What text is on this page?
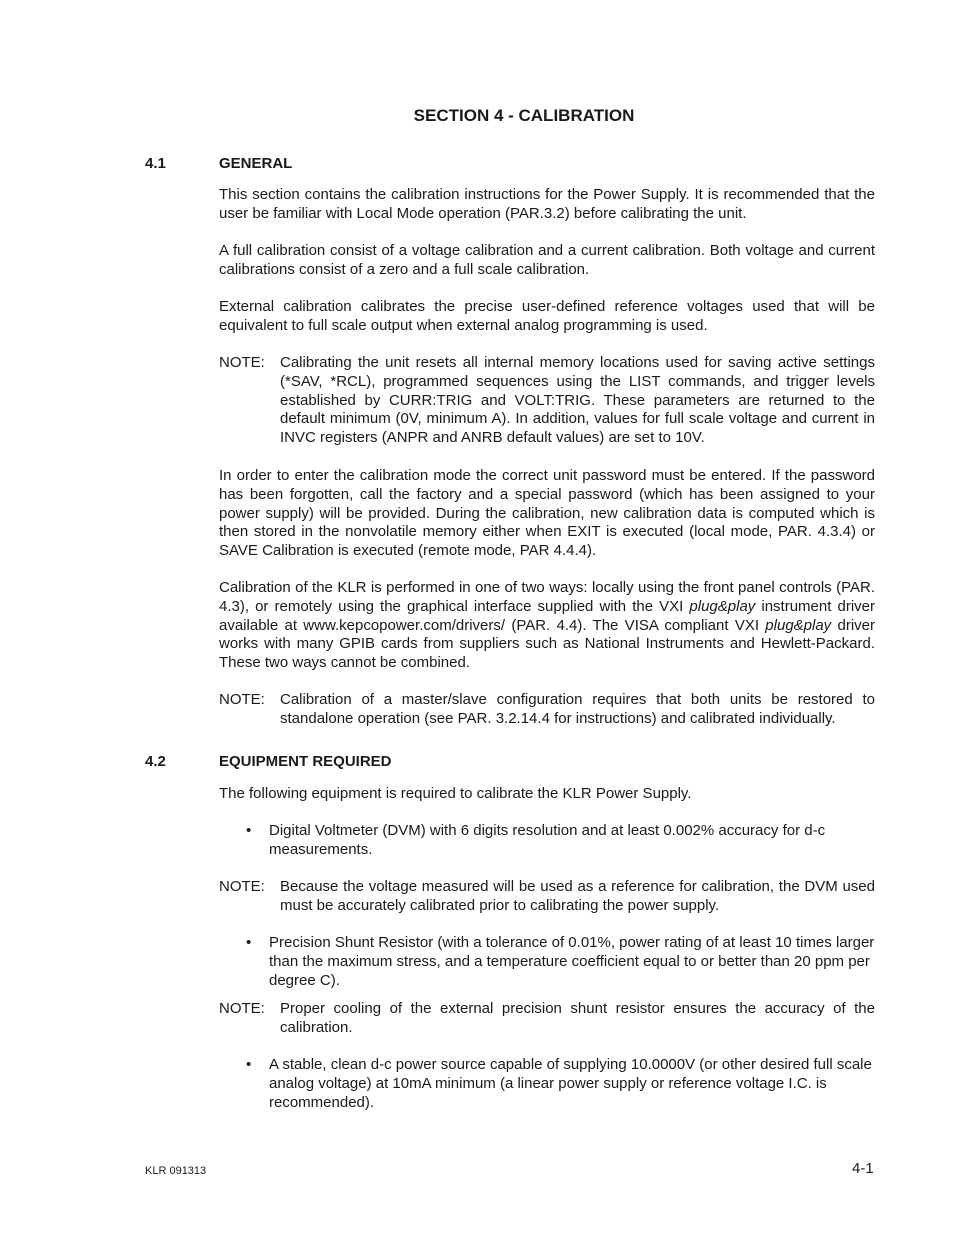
SECTION 4 - CALIBRATION
4.1	GENERAL

This section contains the calibration instructions for the Power Supply. It is recommended that the user be familiar with Local Mode operation (PAR.3.2) before calibrating the unit.

A full calibration consist of a voltage calibration and a current calibration. Both voltage and current calibrations consist of a zero and a full scale calibration.

External calibration calibrates the precise user-defined reference voltages used that will be equivalent to full scale output when external analog programming is used.

NOTE: Calibrating the unit resets all internal memory locations used for saving active settings (*SAV, *RCL), programmed sequences using the LIST commands, and trigger levels established by CURR:TRIG and VOLT:TRIG. These parameters are returned to the default minimum (0V, minimum A). In addition, values for full scale voltage and current in INVC registers (ANPR and ANRB default values) are set to 10V.

In order to enter the calibration mode the correct unit password must be entered. If the password has been forgotten, call the factory and a special password (which has been assigned to your power supply) will be provided. During the calibration, new calibration data is computed which is then stored in the nonvolatile memory either when EXIT is executed (local mode, PAR. 4.3.4) or SAVE Calibration is executed (remote mode, PAR 4.4.4).

Calibration of the KLR is performed in one of two ways: locally using the front panel controls (PAR. 4.3), or remotely using the graphical interface supplied with the VXI plug&play instrument driver available at www.kepcopower.com/drivers/ (PAR. 4.4). The VISA compliant VXI plug&play driver works with many GPIB cards from suppliers such as National Instruments and Hewlett-Packard. These two ways cannot be combined.

NOTE: Calibration of a master/slave configuration requires that both units be restored to standalone operation (see PAR. 3.2.14.4 for instructions) and calibrated individually.
4.2	EQUIPMENT REQUIRED

The following equipment is required to calibrate the KLR Power Supply.

• Digital Voltmeter (DVM) with 6 digits resolution and at least 0.002% accuracy for d-c measurements.
NOTE: Because the voltage measured will be used as a reference for calibration, the DVM used must be accurately calibrated prior to calibrating the power supply.
• Precision Shunt Resistor (with a tolerance of 0.01%, power rating of at least 10 times larger than the maximum stress, and a temperature coefficient equal to or better than 20 ppm per degree C).
NOTE: Proper cooling of the external precision shunt resistor ensures the accuracy of the calibration.
• A stable, clean d-c power source capable of supplying 10.0000V (or other desired full scale analog voltage) at 10mA minimum (a linear power supply or reference voltage I.C. is recommended).
KLR 091313	4-1
